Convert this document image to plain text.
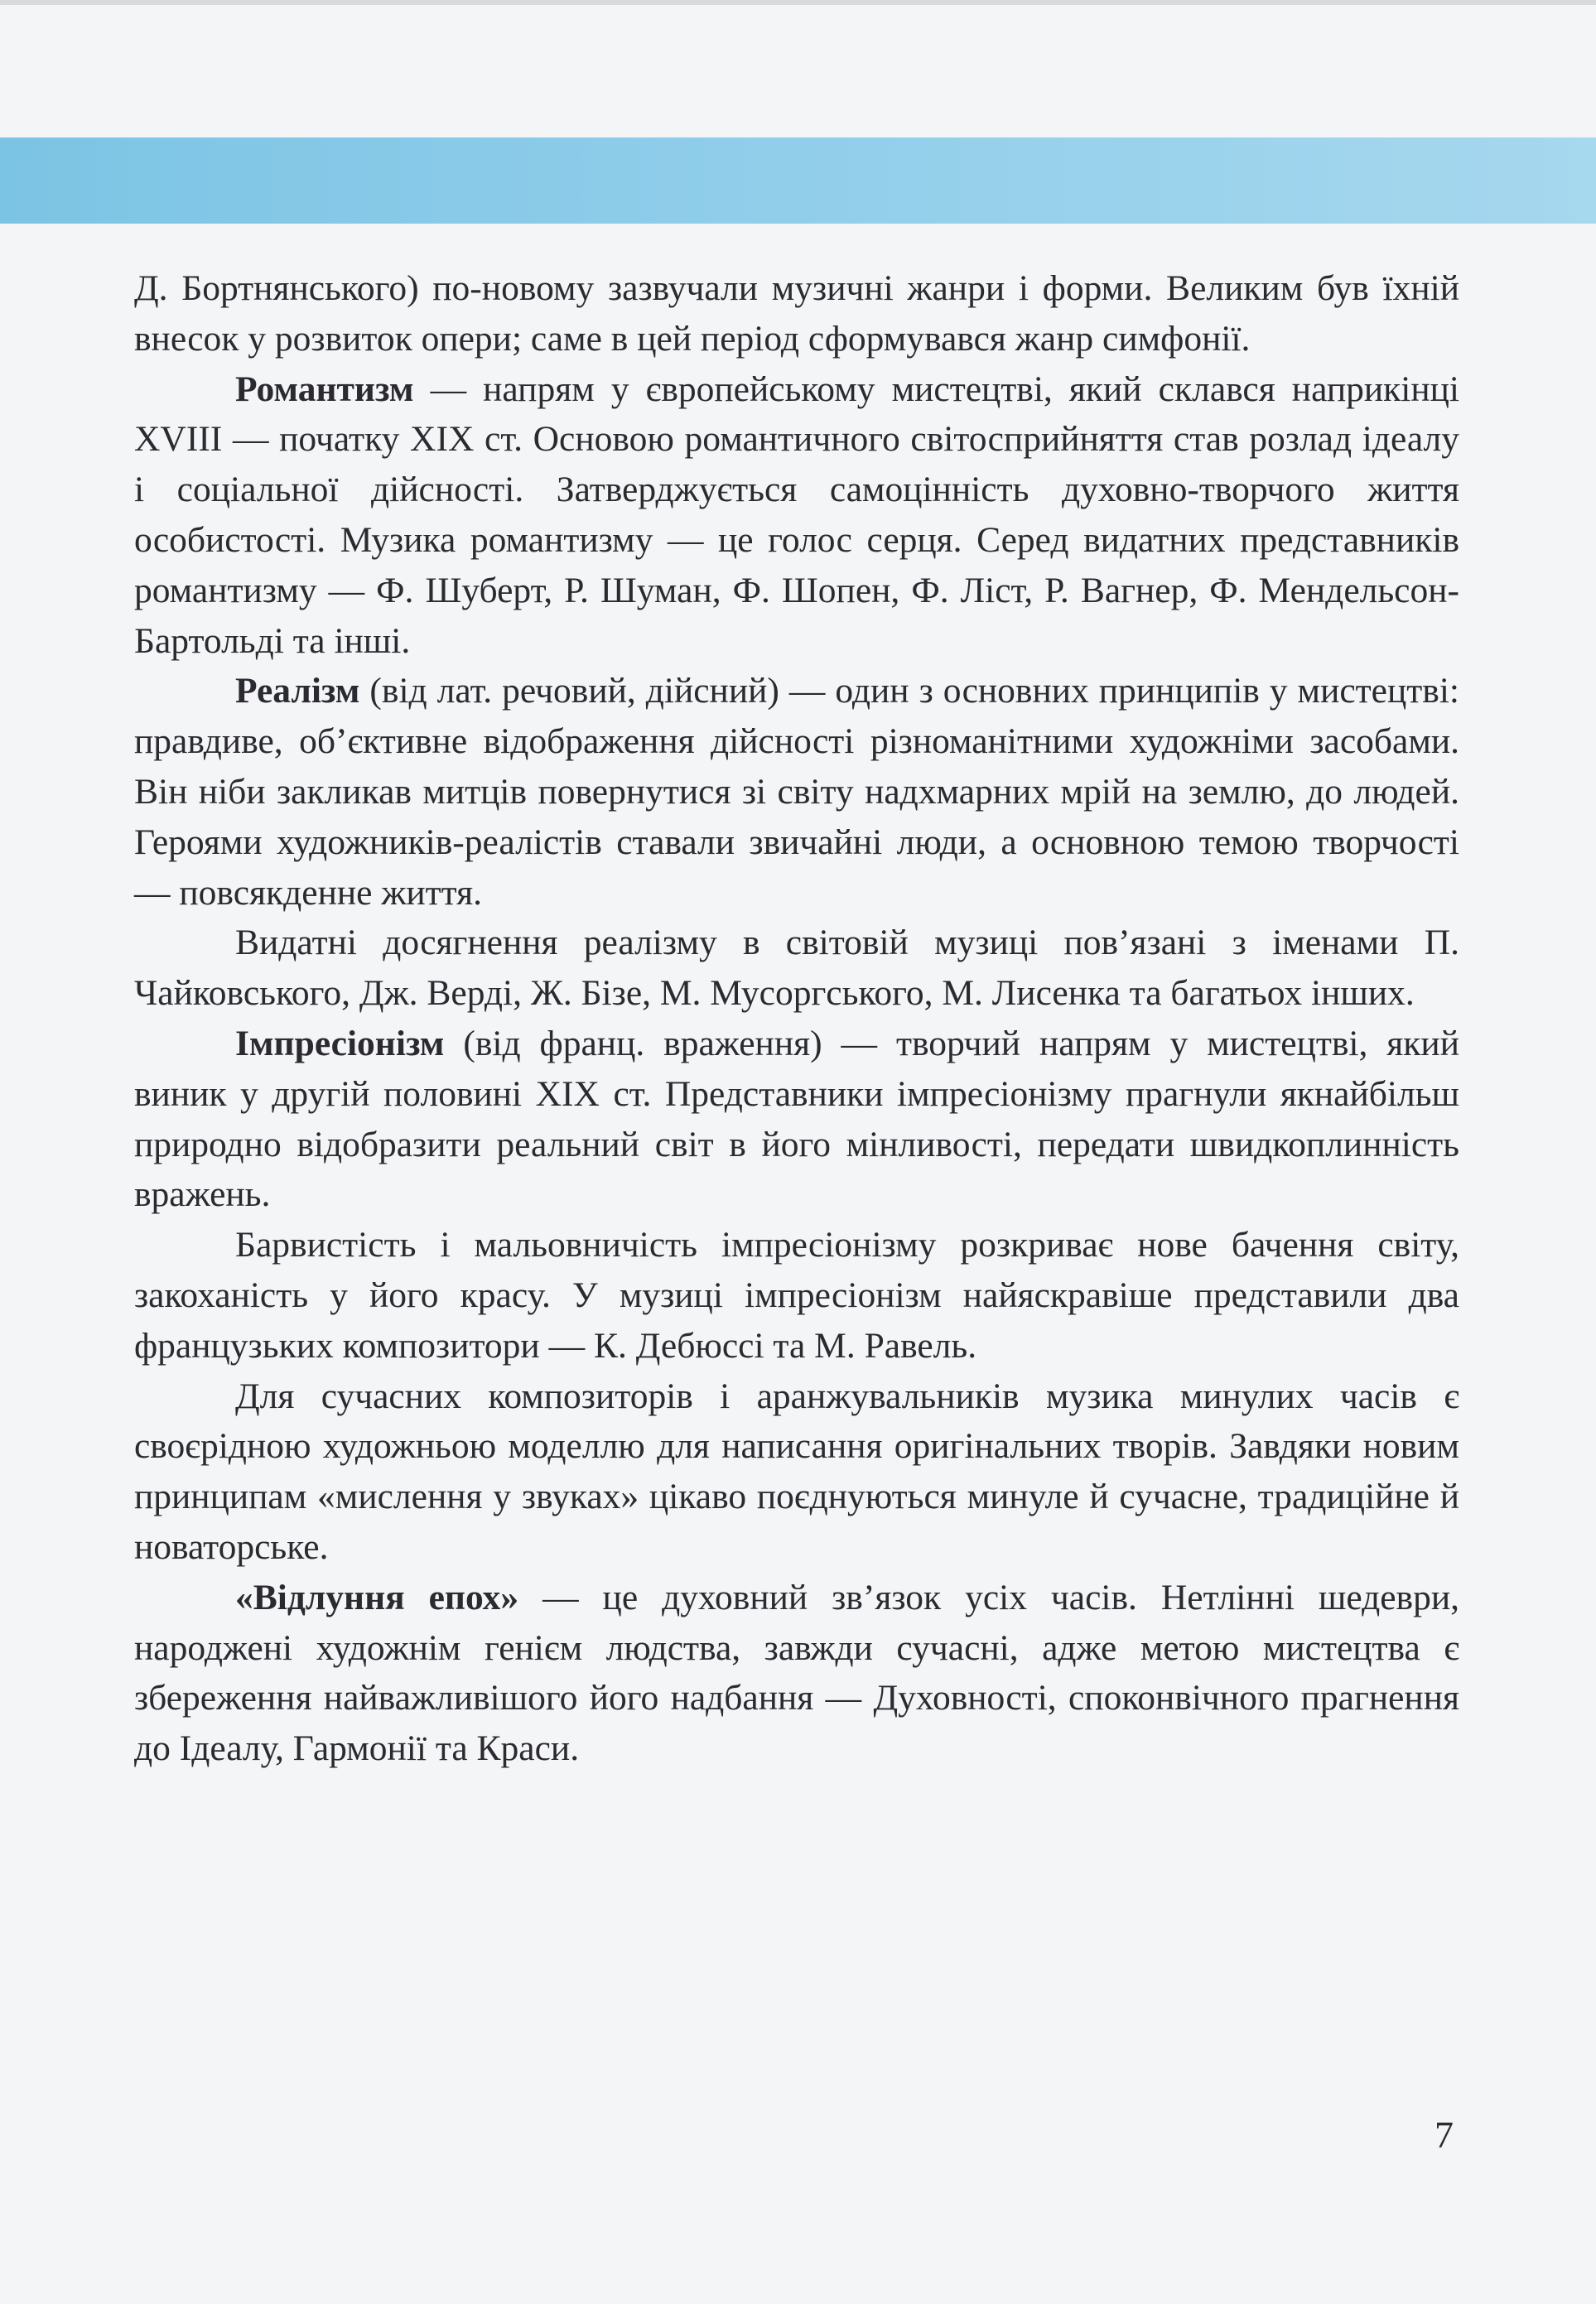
Д. Бортнянського) по-новому зазвучали музичні жанри і форми. Великим був їхній внесок у розвиток опери; саме в цей період сформувався жанр симфонії.

Романтизм — напрям у європейському мистецтві, який склався наприкінці XVIII — початку XIX ст. Основою романтичного світосприйняття став розлад ідеалу і соціальної дійсності. Затверджується самоцінність духовно-творчого життя особистості. Музика романтизму — це голос серця. Серед видатних представників романтизму — Ф. Шуберт, Р. Шуман, Ф. Шопен, Ф. Ліст, Р. Вагнер, Ф. Мендельсон-Бартольді та інші.

Реалізм (від лат. речовий, дійсний) — один з основних принципів у мистецтві: правдиве, об’єктивне відображення дійсності різноманітними художніми засобами. Він ніби закликав митців повернутися зі світу надхмарних мрій на землю, до людей. Героями художників-реалістів ставали звичайні люди, а основною темою творчості — повсякденне життя.

Видатні досягнення реалізму в світовій музиці пов’язані з іменами П. Чайковського, Дж. Верді, Ж. Бізе, М. Мусоргського, М. Лисенка та багатьох інших.

Імпресіонізм (від франц. враження) — творчий напрям у мистецтві, який виник у другій половині XIX ст. Представники імпресіонізму прагнули якнайбільш природно відобразити реальний світ в його мінливості, передати швидкоплинність вражень.

Барвистість і мальовничість імпресіонізму розкриває нове бачення світу, закоханість у його красу. У музиці імпресіонізм найяскравіше представили два французьких композитори — К. Дебюссі та М. Равель.

Для сучасних композиторів і аранжувальників музика минулих часів є своєрідною художньою моделлю для написання оригінальних творів. Завдяки новим принципам «мислення у звуках» цікаво поєднуються минуле й сучасне, традиційне й новаторське.

«Відлуння епох» — це духовний зв’язок усіх часів. Нетлінні шедеври, народжені художнім генієм людства, завжди сучасні, адже метою мистецтва є збереження найважливішого його надбання — Духовності, споконвічного прагнення до Ідеалу, Гармонії та Краси.

7
